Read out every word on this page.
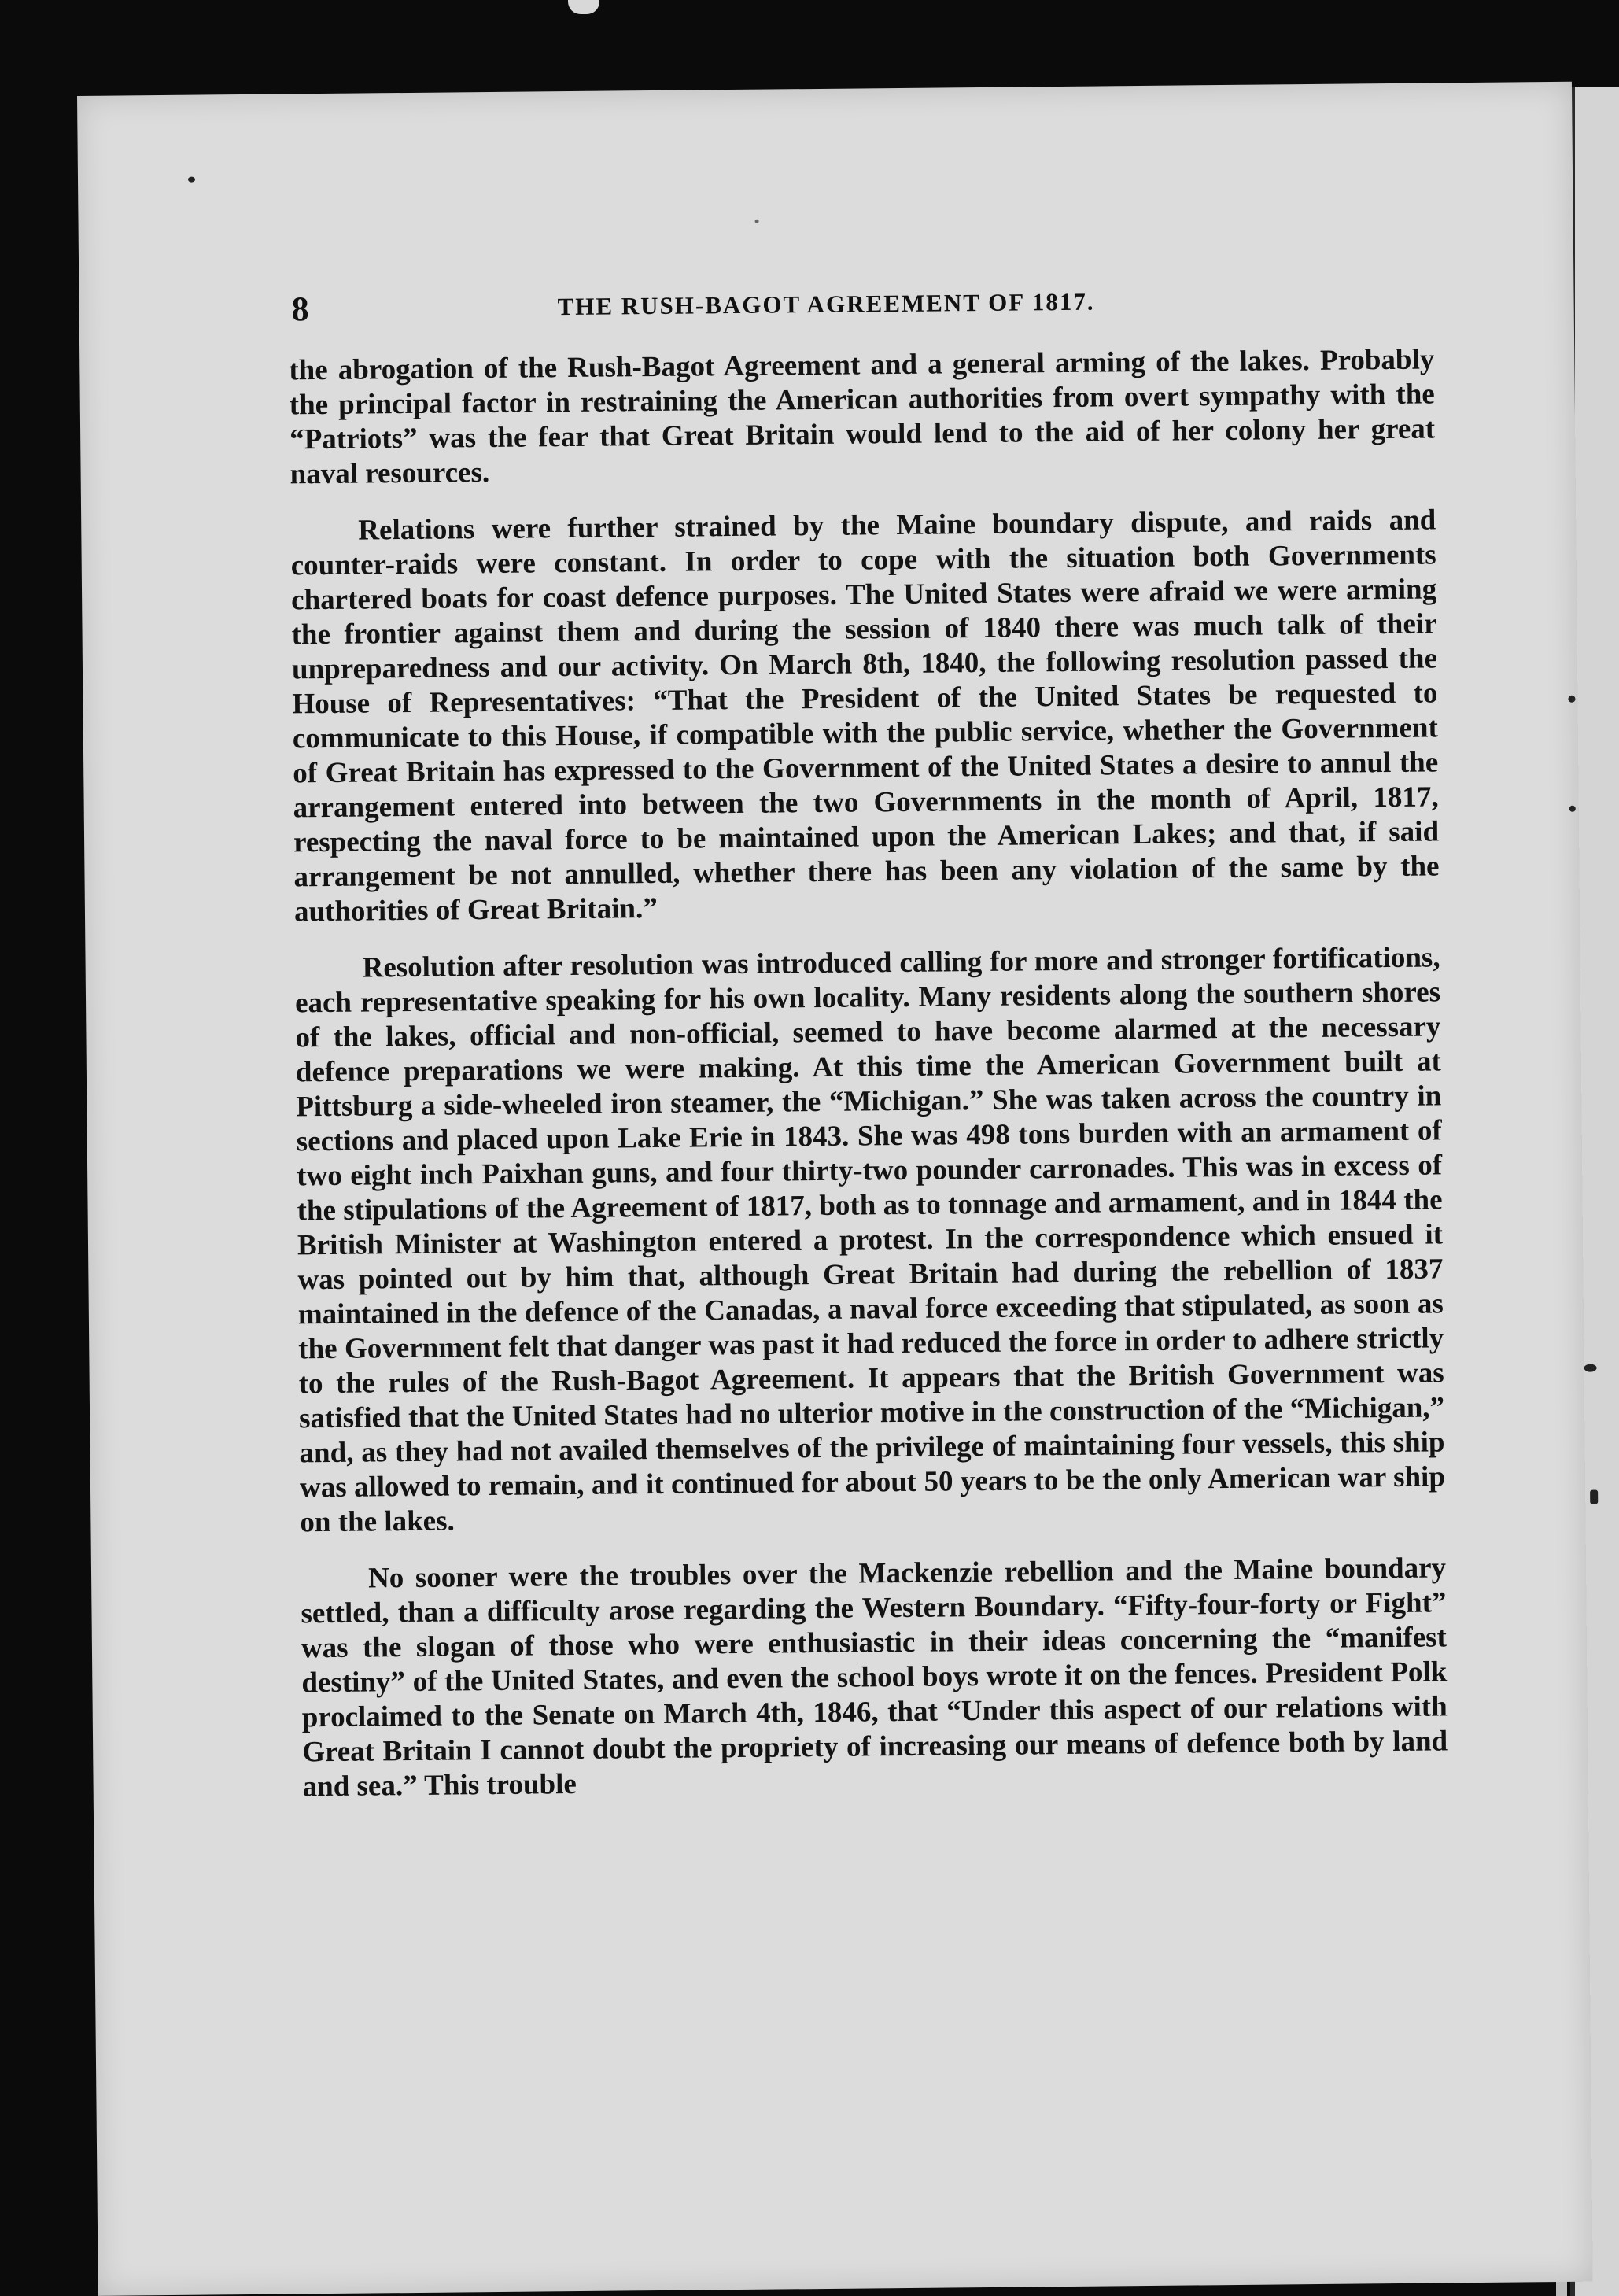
8	THE RUSH-BAGOT AGREEMENT OF 1817.

the abrogation of the Rush-Bagot Agreement and a general arming of the lakes. Probably the principal factor in restraining the American authorities from overt sympathy with the “Patriots” was the fear that Great Britain would lend to the aid of her colony her great naval resources.

Relations were further strained by the Maine boundary dispute, and raids and counter-raids were constant. In order to cope with the situation both Governments chartered boats for coast defence purposes. The United States were afraid we were arming the frontier against them and during the session of 1840 there was much talk of their unpreparedness and our activity. On March 8th, 1840, the following resolution passed the House of Representatives: “That the President of the United States be requested to communicate to this House, if compatible with the public service, whether the Government of Great Britain has expressed to the Government of the United States a desire to annul the arrangement entered into between the two Governments in the month of April, 1817, respecting the naval force to be maintained upon the American Lakes; and that, if said arrangement be not annulled, whether there has been any violation of the same by the authorities of Great Britain.”

Resolution after resolution was introduced calling for more and stronger fortifications, each representative speaking for his own locality. Many residents along the southern shores of the lakes, official and non-official, seemed to have become alarmed at the necessary defence preparations we were making. At this time the American Government built at Pittsburg a side-wheeled iron steamer, the “Michigan.” She was taken across the country in sections and placed upon Lake Erie in 1843. She was 498 tons burden with an armament of two eight inch Paixhan guns, and four thirty-two pounder carronades. This was in excess of the stipulations of the Agreement of 1817, both as to tonnage and armament, and in 1844 the British Minister at Washington entered a protest. In the correspondence which ensued it was pointed out by him that, although Great Britain had during the rebellion of 1837 maintained in the defence of the Canadas, a naval force exceeding that stipulated, as soon as the Government felt that danger was past it had reduced the force in order to adhere strictly to the rules of the Rush-Bagot Agreement. It appears that the British Government was satisfied that the United States had no ulterior motive in the construction of the “Michigan,” and, as they had not availed themselves of the privilege of maintaining four vessels, this ship was allowed to remain, and it continued for about 50 years to be the only American war ship on the lakes.

No sooner were the troubles over the Mackenzie rebellion and the Maine boundary settled, than a difficulty arose regarding the Western Boundary. “Fifty-four-forty or Fight” was the slogan of those who were enthusiastic in their ideas concerning the “manifest destiny” of the United States, and even the school boys wrote it on the fences. President Polk proclaimed to the Senate on March 4th, 1846, that “Under this aspect of our relations with Great Britain I cannot doubt the propriety of increasing our means of defence both by land and sea.” This trouble
